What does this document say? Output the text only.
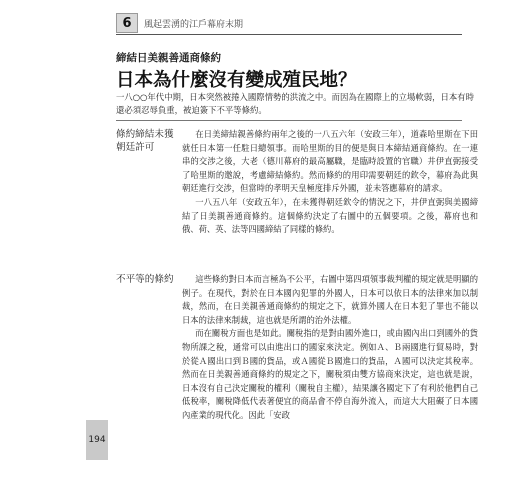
6	風起雲湧的江戶幕府末期
締結日美親善通商條約
日本為什麼沒有變成殖民地？

一八○○年代中期，日本突然被捲入國際情勢的洪流之中。而因為在國際上的立場軟弱，日本有時還必須忍辱負重，被迫簽下不平等條約。

條約締結未獲朝廷許可

在日美締結親善條約兩年之後的一八五六年（安政三年），道森哈里斯在下田就任日本第一任駐日總領事。而哈里斯的目的便是與日本締結通商條約。在一連串的交涉之後，大老（德川幕府的最高屬職，是臨時設置的官職）井伊直弼接受了哈里斯的邀說，考慮締結條約。然而條約的用印需要朝廷的欽令，幕府為此與朝廷進行交涉，但當時的孝明天皇極度排斥外國，並未答應幕府的請求。

一八五八年（安政五年），在未獲得朝廷欽令的情況之下，井伊直弼與美國締結了日美親善通商條約。這個條約決定了右圖中的五個要項。之後，幕府也和俄、荷、英、法等四國締結了同樣的條約。

不平等的條約	這些條約對日本而言極為不公平，右圖中第四項領事裁判權的規定就是明顯的例子。在現代，對於在日本國內犯罪的外國人，日本可以依日本的法律來加以制裁，然而，在日美親善通商條約的規定之下，就算外國人在日本犯了罪也不能以日本的法律來制裁，這也就是所謂的治外法權。

而在關稅方面也是如此。關稅指的是對由國外進口，或由國內出口到國外的貨物所課之稅，通常可以由進出口的國家來決定。例如Ａ、Ｂ兩國進行貿易時，對於從Ａ國出口到Ｂ國的貨品，或Ａ國從Ｂ國進口的貨品，Ａ國可以決定其稅率。然而在日美親善通商條約的規定之下，關稅須由雙方協商來決定，這也就是說，日本沒有自己決定關稅的權利（關稅自主權），結果讓各國定下了有利於他們自己低稅率，關稅降低代表著便宜的商品會不停自海外流入，而這大大阻礙了日本國內產業的現代化。因此「安政

194
